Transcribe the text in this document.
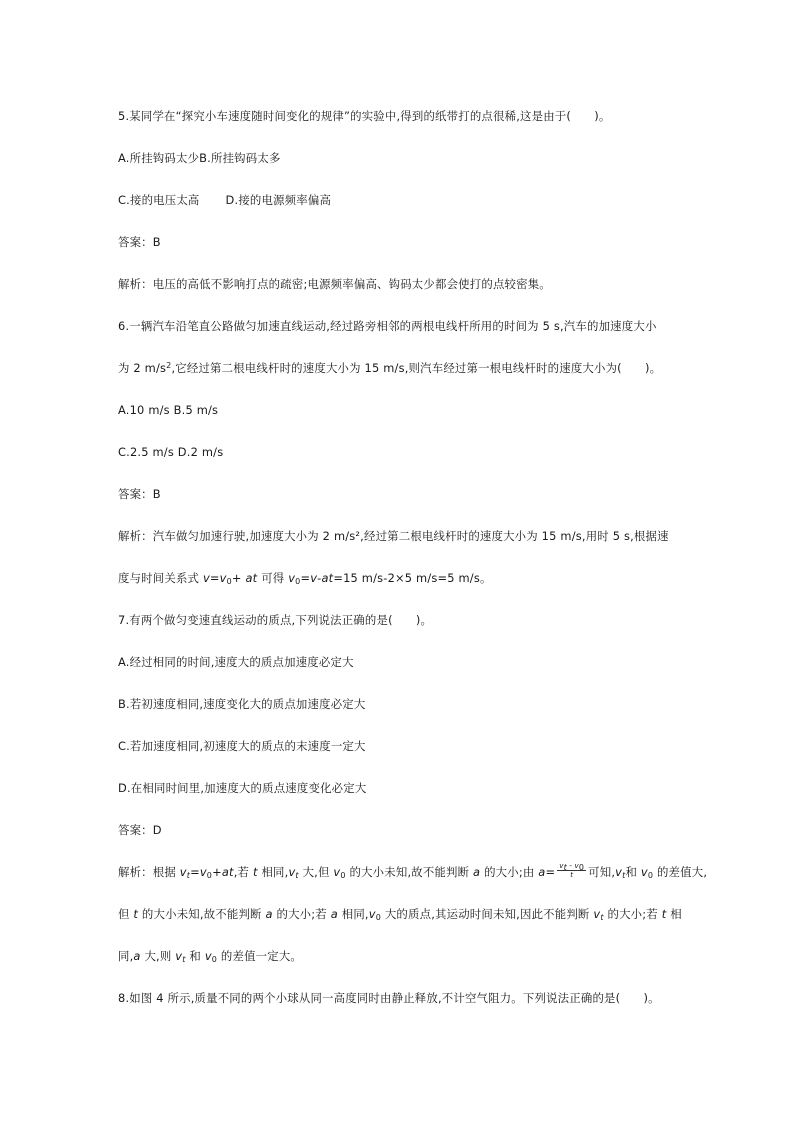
5.某同学在“探究小车速度随时间变化的规律”的实验中,得到的纸带打的点很稀,这是由于(　　)。
A.所挂钩码太少B.所挂钩码太多
C.接的电压太高 D.接的电源频率偏高
答案：B
解析：电压的高低不影响打点的疏密;电源频率偏高、钩码太少都会使打的点较密集。
6.一辆汽车沿笔直公路做匀加速直线运动,经过路旁相邻的两根电线杆所用的时间为 5 s,汽车的加速度大小
为 2 $m/s^2$,它经过第二根电线杆时的速度大小为 15 m/s,则汽车经过第一根电线杆时的速度大小为(　　)。
A.10 m/s B.5 m/s
C.2.5 m/s D.2 m/s
答案：B
解析：汽车做匀加速行驶,加速度大小为 2 m/s²,经过第二根电线杆时的速度大小为 15 m/s,用时 5 s,根据速
度与时间关系式 $v=v_0+$ at 可得 $v_0=v-at=15$ m/s-2×5 m/s=5 m/s。
7.有两个做匀变速直线运动的质点,下列说法正确的是(　　)。
A.经过相同的时间,速度大的质点加速度必定大
B.若初速度相同,速度变化大的质点加速度必定大
C.若加速度相同,初速度大的质点的末速度一定大
D.在相同时间里,加速度大的质点速度变化必定大
答案：D
解析：根据 $v_t=v_0+at$,若 t 相同$,v_t$ 大,但 $v_0$ 的大小未知,故不能判断 a 的大小;由 $a= \frac{v_t - v_0}{t}$ 可知$,v_t$和 $v_0$ 的差值大,
但 t 的大小未知,故不能判断 a 的大小;若 a 相同$,v_0$ 大的质点,其运动时间未知,因此不能判断 $v_t$ 的大小;若 t 相
同,a 大,则 $v_t$ 和 $v_0$ 的差值一定大。
8.如图 4 所示,质量不同的两个小球从同一高度同时由静止释放,不计空气阻力。下列说法正确的是(　　)。
